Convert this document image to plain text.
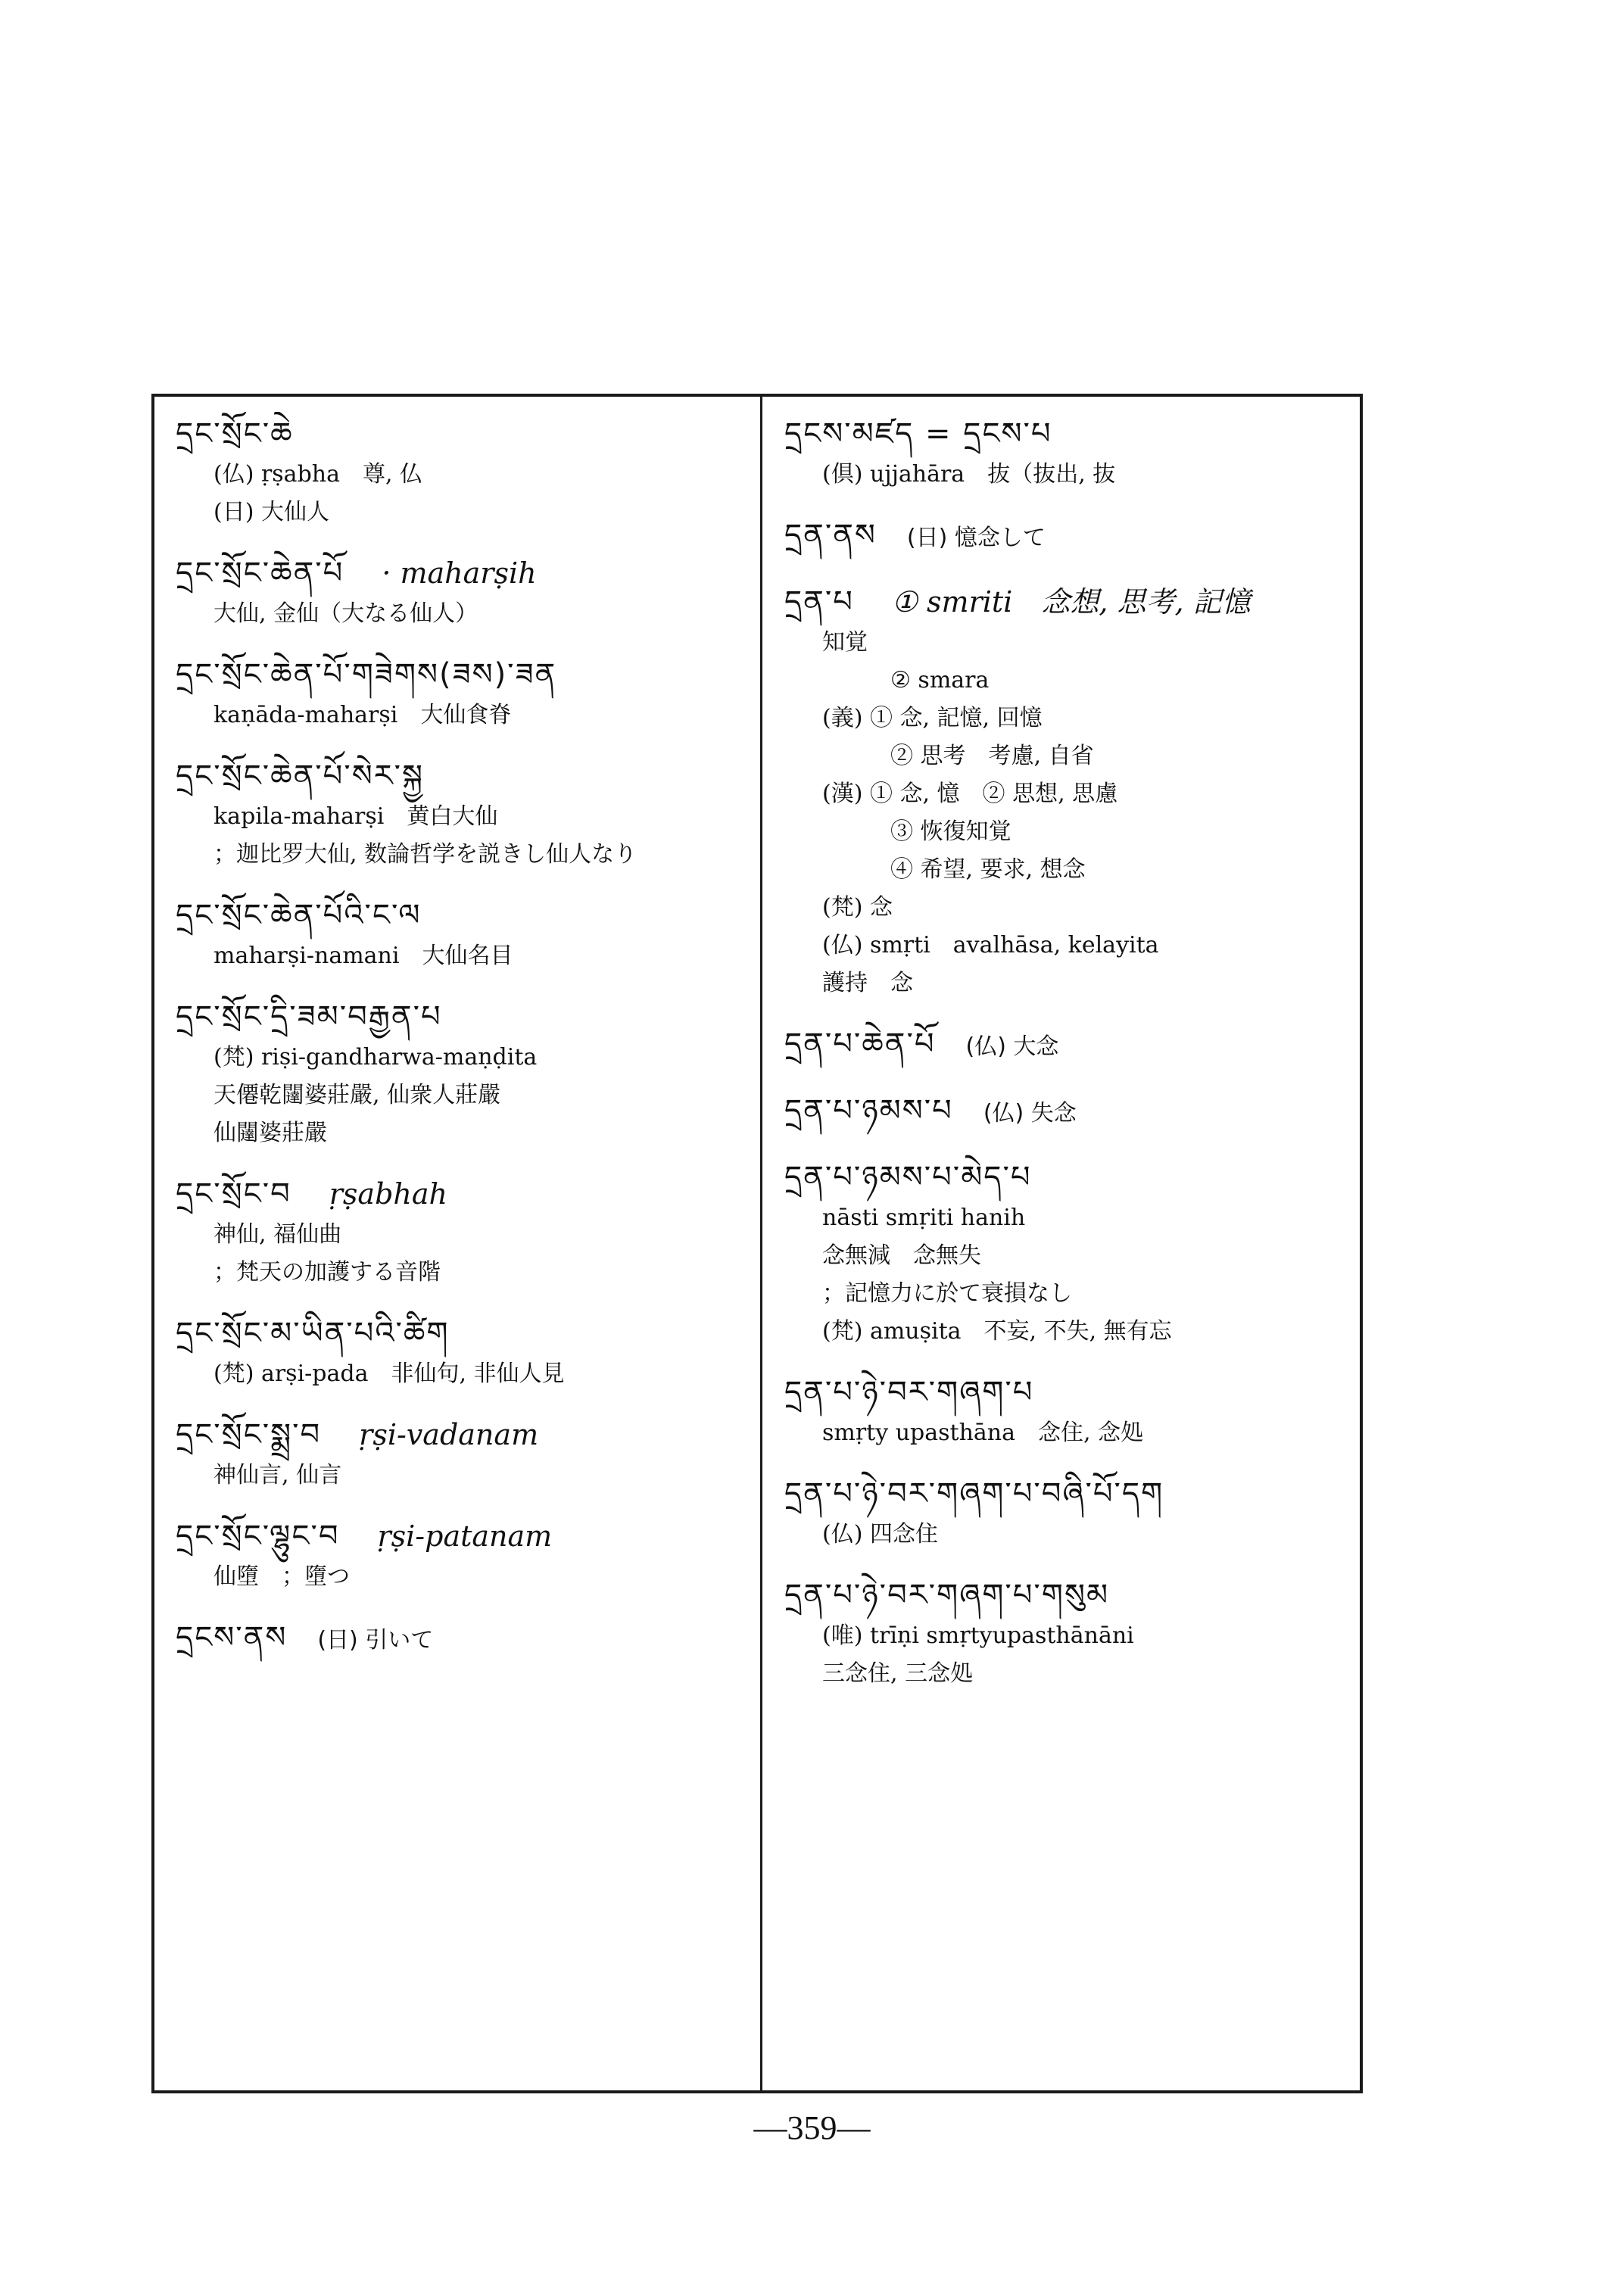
དྲང་སྲོང་ཆེ
(仏) ṛṣabha　尊, 仏
(日) 大仙人
དྲང་སྲོང་ཆེན་པོ · maharṣih
大仙, 金仙（大なる仙人）
དྲང་སྲོང་ཆེན་པོ་གཟེགས(ཟས)་ཟན
kaṇāda-maharṣi　大仙食脊
དྲང་སྲོང་ཆེན་པོ་སེར་སྐྱ
kapila-maharṣi　黄白大仙
；迦比罗大仙, 数論哲学を説きし仙人なり
དྲང་སྲོང་ཆེན་པོའི་ང་ལ
maharṣi-namani　大仙名目
དྲང་སྲོང་དྲི་ཟམ་བརྒྱན་པ
(梵) riṣi-gandharwa-maṇḍita
天僊乾闥婆莊嚴, 仙衆人莊嚴
仙闥婆莊嚴
དྲང་སྲོང་བ ṛṣabhah
神仙, 福仙曲
；梵天の加護する音階
དྲང་སྲོང་མ་ཡིན་པའི་ཚིག
(梵) arṣi-pada　非仙句, 非仙人見
དྲང་སྲོང་སྨྲ་བ ṛṣi-vadanam
神仙言, 仙言
དྲང་སྲོང་ལྷུང་བ ṛṣi-patanam
仙墮　；墮つ
དྲངས་ནས (日) 引いて
དྲངས་མཛད = དྲངས་པ
(倶) ujjahāra　抜（抜出, 抜
དྲན་ནས (日) 憶念して
དྲན་པ ① smriti　念想, 思考, 記憶
知覚
② smara
(義) ① 念, 記憶, 回憶
② 思考　考慮, 自省
(漢) ① 念, 憶　② 思想, 思慮
③ 恢復知覚
④ 希望, 要求, 想念
(梵) 念
(仏) smṛti　avalhāsa, kelayita
護持　念
དྲན་པ་ཆེན་པོ (仏) 大念
དྲན་པ་ཉམས་པ (仏) 失念
དྲན་པ་ཉམས་པ་མེད་པ
nāsti smṛiti hanih
念無減　念無失
；記憶力に於て衰損なし
(梵) amuṣita　不妄, 不失, 無有忘
དྲན་པ་ཉེ་བར་གཞག་པ
smṛty upasthāna　念住, 念処
དྲན་པ་ཉེ་བར་གཞག་པ་བཞི་པོ་དག
(仏) 四念住
དྲན་པ་ཉེ་བར་གཞག་པ་གསུམ
(唯) trīṇi smṛtyupasthānāni
三念住, 三念処
—359—
